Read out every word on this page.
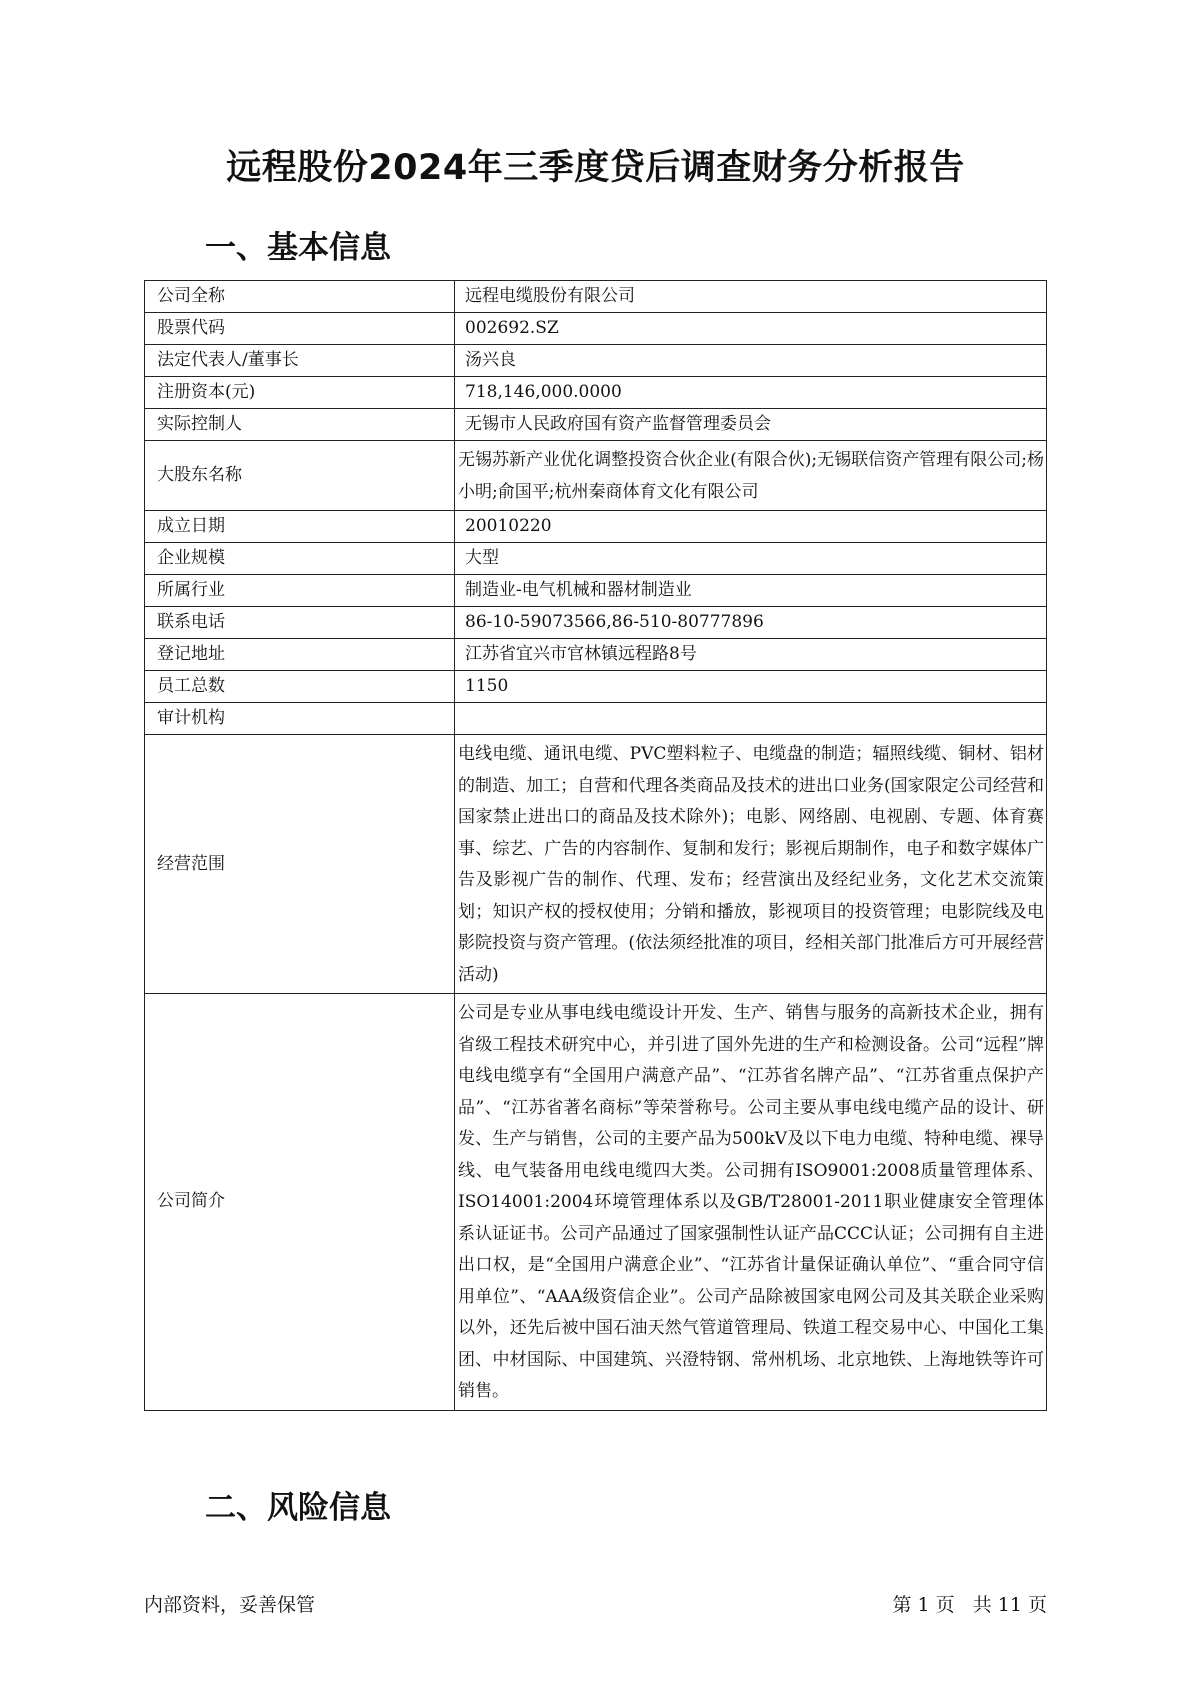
远程股份2024年三季度贷后调查财务分析报告
一、基本信息
公司全称	远程电缆股份有限公司
股票代码	002692.SZ
法定代表人/董事长	汤兴良
注册资本(元)	718,146,000.0000
实际控制人	无锡市人民政府国有资产监督管理委员会
大股东名称	无锡苏新产业优化调整投资合伙企业(有限合伙);无锡联信资产管理有限公司;杨小明;俞国平;杭州秦商体育文化有限公司
成立日期	20010220
企业规模	大型
所属行业	制造业-电气机械和器材制造业
联系电话	86-10-59073566,86-510-80777896
登记地址	江苏省宜兴市官林镇远程路8号
员工总数	1150
审计机构	
经营范围	电线电缆、通讯电缆、PVC塑料粒子、电缆盘的制造；辐照线缆、铜材、铝材的制造、加工；自营和代理各类商品及技术的进出口业务(国家限定公司经营和国家禁止进出口的商品及技术除外)；电影、网络剧、电视剧、专题、体育赛事、综艺、广告的内容制作、复制和发行；影视后期制作，电子和数字媒体广告及影视广告的制作、代理、发布；经营演出及经纪业务，文化艺术交流策划；知识产权的授权使用；分销和播放，影视项目的投资管理；电影院线及电影院投资与资产管理。(依法须经批准的项目，经相关部门批准后方可开展经营活动)
公司简介	公司是专业从事电线电缆设计开发、生产、销售与服务的高新技术企业，拥有省级工程技术研究中心，并引进了国外先进的生产和检测设备。公司“远程”牌电线电缆享有“全国用户满意产品”、“江苏省名牌产品”、“江苏省重点保护产品”、“江苏省著名商标”等荣誉称号。公司主要从事电线电缆产品的设计、研发、生产与销售，公司的主要产品为500kV及以下电力电缆、特种电缆、裸导线、电气装备用电线电缆四大类。公司拥有ISO9001:2008质量管理体系、ISO14001:2004环境管理体系以及GB/T28001-2011职业健康安全管理体系认证证书。公司产品通过了国家强制性认证产品CCC认证；公司拥有自主进出口权，是“全国用户满意企业”、“江苏省计量保证确认单位”、“重合同守信用单位”、“AAA级资信企业”。公司产品除被国家电网公司及其关联企业采购以外，还先后被中国石油天然气管道管理局、铁道工程交易中心、中国化工集团、中材国际、中国建筑、兴澄特钢、常州机场、北京地铁、上海地铁等许可销售。
二、风险信息
内部资料，妥善保管	第 1 页   共 11 页
